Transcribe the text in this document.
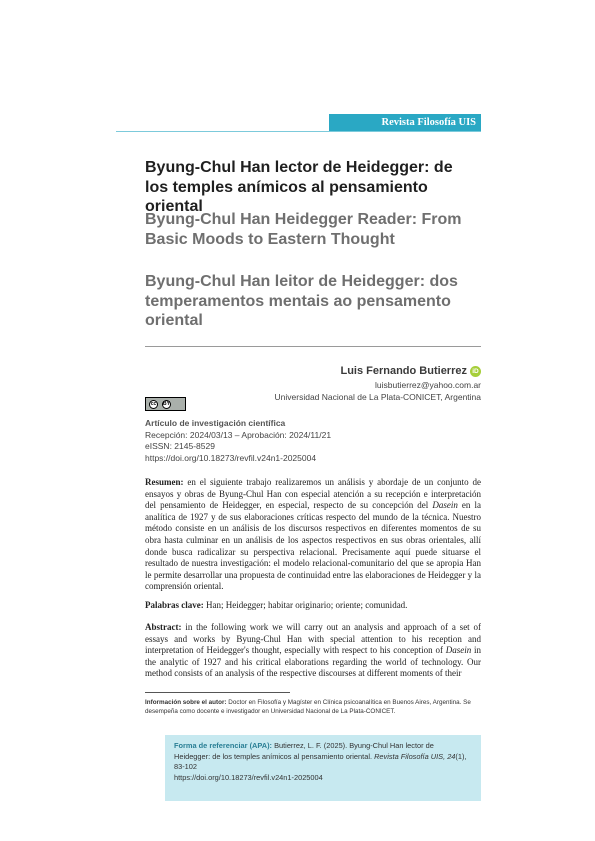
Revista Filosofía UIS
Byung-Chul Han lector de Heidegger: de los temples anímicos al pensamiento oriental
Byung-Chul Han Heidegger Reader: From Basic Moods to Eastern Thought
Byung-Chul Han leitor de Heidegger: dos temperamentos mentais ao pensamento oriental
Luis Fernando Butierrez iD
luisbutierrez@yahoo.com.ar
Universidad Nacional de La Plata-CONICET, Argentina
cc	BY
Artículo de investigación científica
Recepción: 2024/03/13 – Aprobación: 2024/11/21
eISSN: 2145-8529
https://doi.org/10.18273/revfil.v24n1-2025004

Resumen: en el siguiente trabajo realizaremos un análisis y abordaje de un conjunto de ensayos y obras de Byung-Chul Han con especial atención a su recepción e interpretación del pensamiento de Heidegger, en especial, respecto de su concepción del Dasein en la analítica de 1927 y de sus elaboraciones críticas respecto del mundo de la técnica. Nuestro método consiste en un análisis de los discursos respectivos en diferentes momentos de su obra hasta culminar en un análisis de los aspectos respectivos en sus obras orientales, allí donde busca radicalizar su perspectiva relacional. Precisamente aquí puede situarse el resultado de nuestra investigación: el modelo relacional-comunitario del que se apropia Han le permite desarrollar una propuesta de continuidad entre las elaboraciones de Heidegger y la comprensión oriental.

Palabras clave: Han; Heidegger; habitar originario; oriente; comunidad.

Abstract: in the following work we will carry out an analysis and approach of a set of essays and works by Byung-Chul Han with special attention to his reception and interpretation of Heidegger's thought, especially with respect to his conception of Dasein in the analytic of 1927 and his critical elaborations regarding the world of technology. Our method consists of an analysis of the respective discourses at different moments of their

Información sobre el autor: Doctor en Filosofía y Magíster en Clínica psicoanalítica en Buenos Aires, Argentina. Se desempeña como docente e investigador en Universidad Nacional de La Plata-CONICET.

Forma de referenciar (APA): Butierrez, L. F. (2025). Byung-Chul Han lector de Heidegger: de los temples anímicos al pensamiento oriental. Revista Filosofía UIS, 24(1), 83-102
https://doi.org/10.18273/revfil.v24n1-2025004
